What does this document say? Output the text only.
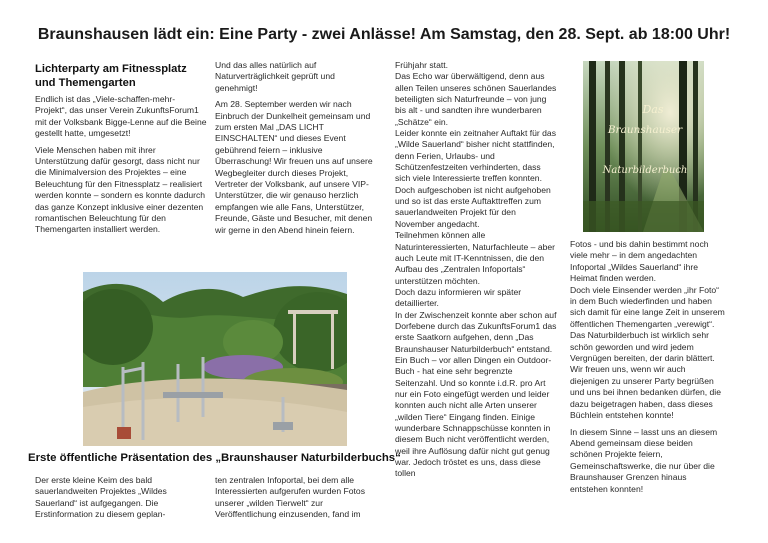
Braunshausen lädt ein: Eine Party - zwei Anlässe! Am Samstag, den 28. Sept. ab 18:00 Uhr!
Lichterparty am Fitnessplatz und Themengarten

Endlich ist das „Viele-schaffen-mehr-Projekt“, das unser Verein ZukunftsForum1 mit der Volksbank Bigge-Lenne auf die Beine gestellt hatte, umgesetzt!

Viele Menschen haben mit ihrer Unterstützung dafür gesorgt, dass nicht nur die Minimalversion des Projektes – eine Beleuchtung für den Fitnessplatz – realisiert werden konnte – sondern es konnte dadurch das ganze Konzept inklusive einer dezenten romantischen Beleuchtung für den Themengarten installiert werden.

Und das alles natürlich auf Naturverträglichkeit geprüft und genehmigt!

Am 28. September werden wir nach Einbruch der Dunkelheit gemeinsam und zum ersten Mal „DAS LICHT EINSCHALTEN“ und dieses Event gebührend feiern – inklusive Überraschung! Wir freuen uns auf unsere Wegbegleiter durch dieses Projekt, Vertreter der Volksbank, auf unsere VIP-Unterstützer, die wir genauso herzlich empfangen wie alle Fans, Unterstützer, Freunde, Gäste und Besucher, mit denen wir gerne in den Abend hinein feiern.

Frühjahr statt.

Das Echo war überwältigend, denn aus allen Teilen unseres schönen Sauerlandes beteiligten sich Naturfreunde – von jung bis alt - und sandten ihre wunderbaren „Schätze“ ein.

Leider konnte ein zeitnaher Auftakt für das „Wilde Sauerland“ bisher nicht stattfinden, denn Ferien, Urlaubs- und Schützenfestzeiten verhinderten, dass sich viele Interessierte treffen konnten. Doch aufgeschoben ist nicht aufgehoben und so ist das erste Auftakttreffen zum sauerlandweiten Projekt für den November angedacht.

Teilnehmen können alle Naturinteressierten, Naturfachleute – aber auch Leute mit IT-Kenntnissen, die den Aufbau des „Zentralen Infoportals“ unterstützen möchten.

Doch dazu informieren wir später detaillierter.

In der Zwischenzeit konnte aber schon auf Dorfebene durch das ZukunftsForum1 das erste Saatkorn aufgehen, denn „Das Braunshauser Naturbilderbuch“ entstand.

Ein Buch – vor allen Dingen ein Outdoor-Buch - hat eine sehr begrenzte Seitenzahl. Und so konnte i.d.R. pro Art nur ein Foto eingefügt werden und leider konnten auch nicht alle Arten unserer „wilden Tiere“ Eingang finden. Einige wunderbare Schnappschüsse konnten in diesem Buch nicht veröffentlicht werden, weil ihre Auflösung dafür nicht gut genug war. Jedoch tröstet es uns, dass diese tollen

Fotos - und bis dahin bestimmt noch viele mehr – in dem angedachten Infoportal „Wildes Sauerland“ ihre Heimat finden werden.

Doch viele Einsender werden „ihr Foto“ in dem Buch wiederfinden und haben sich damit für eine lange Zeit in unserem öffentlichen Themengarten „verewigt“.

Das Naturbilderbuch ist wirklich sehr schön geworden und wird jedem Vergnügen bereiten, der darin blättert. Wir freuen uns, wenn wir auch diejenigen zu unserer Party begrüßen und uns bei ihnen bedanken dürfen, die dazu beigetragen haben, dass dieses Büchlein entstehen konnte!

In diesem Sinne – lasst uns an diesem Abend gemeinsam diese beiden schönen Projekte feiern, Gemeinschaftswerke, die nur über die Braunshauser Grenzen hinaus entstehen konnten!

Das
Braunshauser
Naturbilderbuch
Erste öffentliche Präsentation des „Braunshauser Naturbilderbuchs“

Der erste kleine Keim des bald sauerlandweiten Projektes „Wildes Sauerland“ ist aufgegangen. Die Erstinformation zu diesem geplan-

ten zentralen Infoportal, bei dem alle Interessierten aufgerufen wurden Fotos unserer „wilden Tierwelt“ zur Veröffentlichung einzusenden, fand im
